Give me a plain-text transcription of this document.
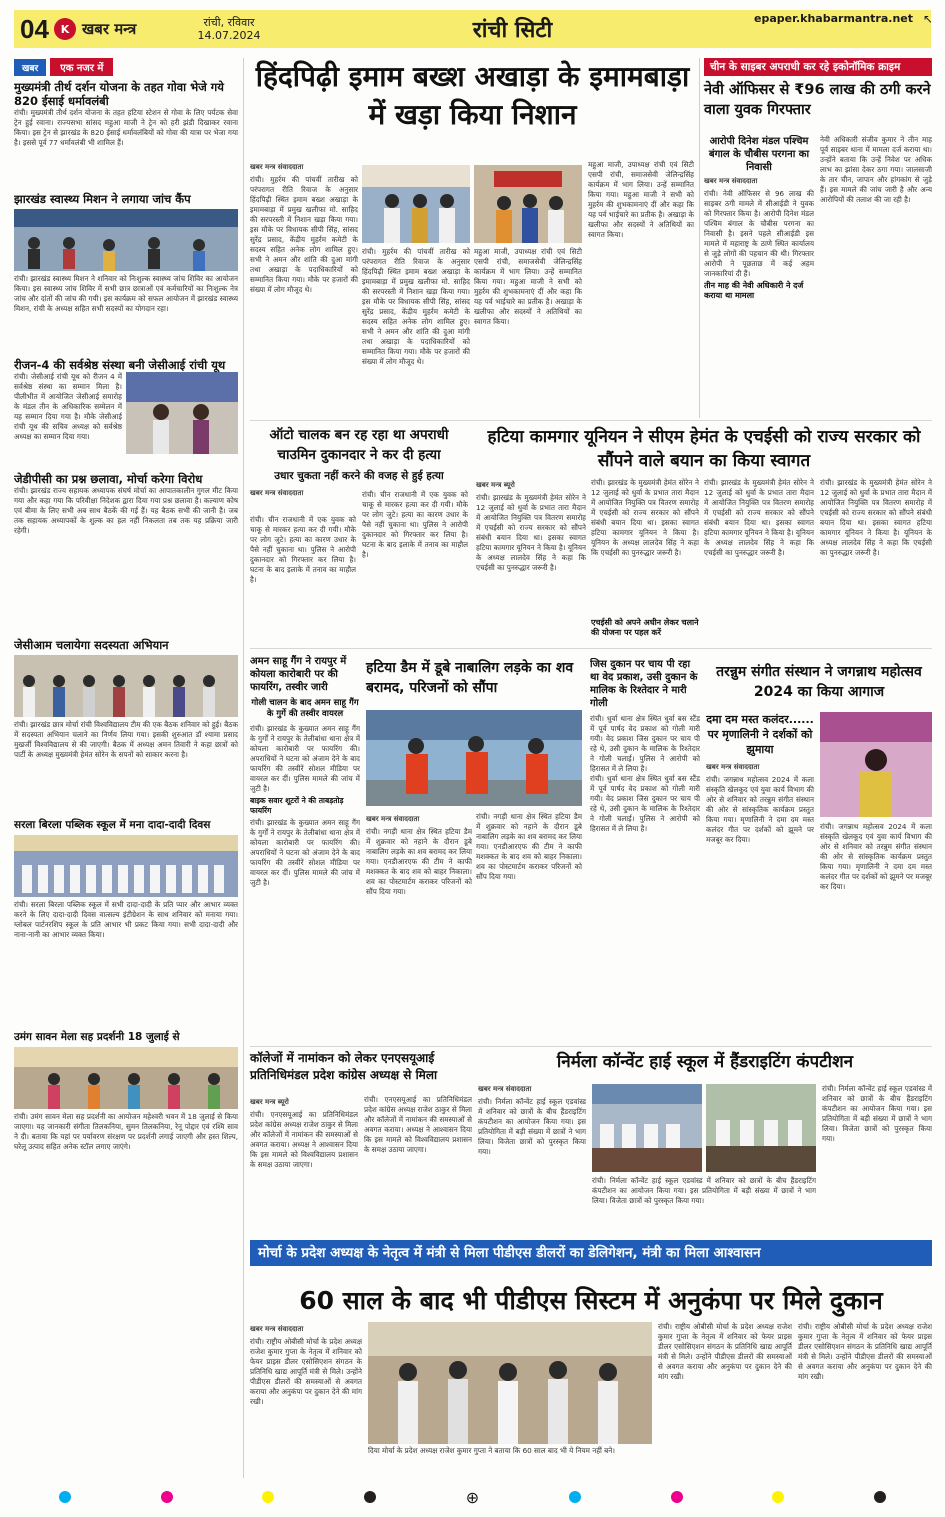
04	K खबर मन्त्र	रांची, रविवार
14.07.2024	रांची सिटी	epaper.khabarmantra.net ↖
खबर	एक नजर में
मुख्यमंत्री तीर्थ दर्शन योजना के तहत गोवा भेजे गये 820 ईसाई धर्मावलंबी
रांची। मुख्यमंत्री तीर्थ दर्शन योजना के तहत हटिया स्टेशन से गोवा के लिए पर्यटक सेवा ट्रेन हुई रवाना। राज्यसभा सांसद महुआ माजी ने ट्रेन को हरी झंडी दिखाकर रवाना किया। इस ट्रेन से झारखंड के 820 ईसाई धर्मावलंबियों को गोवा की यात्रा पर भेजा गया है। इससे पूर्व 77 धर्मावलंबी भी शामिल हैं।
झारखंड स्वास्थ्य मिशन ने लगाया जांच कैंप
रांची। झारखंड स्वास्थ्य मिशन ने शनिवार को निःशुल्क स्वास्थ्य जांच शिविर का आयोजन किया। इस स्वास्थ्य जांच शिविर में सभी छात्र छात्राओं एवं कर्मचारियों का निःशुल्क नेत्र जांच और दांतों की जांच की गयी। इस कार्यक्रम को सफल आयोजन में झारखंड स्वास्थ्य मिशन, रांची के अध्यक्ष सहित सभी सदस्यों का योगदान रहा।
रीजन-4 की सर्वश्रेष्ठ संस्था बनी जेसीआई रांची यूथ
रांची। जेसीआई रांची यूथ को रीजन 4 में सर्वश्रेष्ठ संस्था का सम्मान मिला है। पीलीभीत में आयोजित जेसीआई समारोह के मंडल तीन के अधिकारिक सम्मेलन में यह सम्मान दिया गया है। मौके जेसीआई रांची यूथ की सचिव अध्यक्ष को सर्वश्रेष्ठ अध्यक्ष का सम्मान दिया गया।

जेडीपीसी का प्रश्न छलावा, मोर्चा करेगा विरोध
रांची। झारखंड राज्य सहायक अध्यापक संघर्ष मोर्चा का आपातकालीन गुगल मीट किया गया और कहा गया कि परिवीक्षा निदेशक द्वारा दिया गया प्रश्न छलावा है। कल्याण कोष एवं बीमा के लिए सभी अब साथ बैठकें की गई हैं। यह बैठक सभी की जानी है। जब तक सहायक अध्यापकों के शुल्क का हल नहीं निकलता तब तक यह प्रक्रिया जारी रहेगी।
जेसीआम चलायेगा सदस्यता अभियान
रांची। झारखंड छात्र मोर्चा रांची विश्वविद्यालय टीम की एक बैठक शनिवार को हुई। बैठक में सदस्यता अभियान चलाने का निर्णय लिया गया। इसकी शुरुआत डॉ श्यामा प्रसाद मुखर्जी विश्वविद्यालय से की जाएगी। बैठक में अध्यक्ष अमन तिवारी ने कहा छात्रों को पार्टी के अध्यक्ष मुख्यमंत्री हेमंत सोरेन के सपनों को साकार करना है।
सरला बिरला पब्लिक स्कूल में मना दादा-दादी दिवस
रांची। सरला बिरला पब्लिक स्कूल में सभी दादा-दादी के प्रति प्यार और आभार व्यक्त करने के लिए दादा-दादी दिवस वात्सल्य इंटीग्रेशन के साथ शनिवार को मनाया गया। ग्लोबल पार्टनरशिप स्कूल के प्रति आभार भी प्रकट किया गया। सभी दादा-दादी और नाना-नानी का आभार व्यक्त किया।
उमंग सावन मेला सह प्रदर्शनी 18 जुलाई से
रांची। उमंग सावन मेला सह प्रदर्शनी का आयोजन महेश्वरी भवन में 18 जुलाई से किया जाएगा। यह जानकारी संगीता तिलकनिया, सुमन तिलकनिया, रेनू पोद्दार एवं रश्मि साव ने दी। बताया कि यहां पर पर्यावरण संरक्षण पर प्रदर्शनी लगाई जाएगी और हस्त शिल्प, घरेलू उत्पाद सहित अनेक स्टॉल लगाए जाएंगे।
हिंदपिढ़ी इमाम बख्श अखाड़ा के इमामबाड़ा में खड़ा किया निशान
खबर मन्त्र संवाददाता
रांची। मुहर्रम की पांचवीं तारीख को परंपरागत रीति रिवाज के अनुसार हिंदपिढ़ी स्थित इमाम बख्श अखाड़ा के इमामबाड़ा में प्रमुख खलीफा मो. साहिद की सरपरस्ती में निशान खड़ा किया गया। इस मौके पर विधायक सीपी सिंह, सांसद सुरेंद्र प्रसाद, केंद्रीय मुहर्रम कमेटी के सदस्य सहित अनेक लोग शामिल हुए। सभी ने अमन और शांति की दुआ मांगी तथा अखाड़ा के पदाधिकारियों को सम्मानित किया गया। मौके पर हजारों की संख्या में लोग मौजूद थे।
रांची। मुहर्रम की पांचवीं तारीख को परंपरागत रीति रिवाज के अनुसार हिंदपिढ़ी स्थित इमाम बख्श अखाड़ा के इमामबाड़ा में प्रमुख खलीफा मो. साहिद की सरपरस्ती में निशान खड़ा किया गया। इस मौके पर विधायक सीपी सिंह, सांसद सुरेंद्र प्रसाद, केंद्रीय मुहर्रम कमेटी के सदस्य सहित अनेक लोग शामिल हुए। सभी ने अमन और शांति की दुआ मांगी तथा अखाड़ा के पदाधिकारियों को सम्मानित किया गया। मौके पर हजारों की संख्या में लोग मौजूद थे।
महुआ माजी, उपाध्यक्ष रांची एवं सिटी एसपी रांची, समाजसेवी जेलिन्द्रसिंह कार्यक्रम में भाग लिया। उन्हें सम्मानित किया गया। महुआ माजी ने सभी को मुहर्रम की शुभकामनाएं दीं और कहा कि यह पर्व भाईचारे का प्रतीक है। अखाड़ा के खलीफा और सदस्यों ने अतिथियों का स्वागत किया।
महुआ माजी, उपाध्यक्ष रांची एवं सिटी एसपी रांची, समाजसेवी जेलिन्द्रसिंह कार्यक्रम में भाग लिया। उन्हें सम्मानित किया गया। महुआ माजी ने सभी को मुहर्रम की शुभकामनाएं दीं और कहा कि यह पर्व भाईचारे का प्रतीक है। अखाड़ा के खलीफा और सदस्यों ने अतिथियों का स्वागत किया।
चीन के साइबर अपराधी कर रहे इकोनॉमिक क्राइम
नेवी ऑफिसर से ₹96 लाख की ठगी करने वाला युवक गिरफ्तार
आरोपी दिनेश मंडल पश्चिम बंगाल के चौबीस परगना का निवासी
खबर मन्त्र संवाददाता
रांची। नेवी ऑफिसर से 96 लाख की साइबर ठगी मामले में सीआईडी ने युवक को गिरफ्तार किया है। आरोपी दिनेश मंडल पश्चिम बंगाल के चौबीस परगना का निवासी है। इसने पहले सीआईडी इस मामले में महाराष्ट्र के ठाणे स्थित कार्यालय से जुड़े लोगों की पहचान की थी। गिरफ्तार आरोपी ने पूछताछ में कई अहम जानकारियां दी हैं।
तीन माह की नेवी अधिकारी ने दर्ज कराया था मामला
नेवी अधिकारी संजीव कुमार ने तीन माह पूर्व साइबर थाना में मामला दर्ज कराया था। उन्होंने बताया कि उन्हें निवेश पर अधिक लाभ का झांसा देकर ठगा गया। जालसाजी के तार चीन, जापान और हांगकांग से जुड़े हैं। इस मामले की जांच जारी है और अन्य आरोपियों की तलाश की जा रही है।
ऑटो चालक बन रह रहा था अपराधी चाउमिन दुकानदार ने कर दी हत्या
उधार चुकता नहीं करने की वजह से हुई हत्या
खबर मन्त्र संवाददाता
रांची। चीन राजधानी में एक युवक को चाकू से मारकर हत्या कर दी गयी। मौके पर लोग जुटे। हत्या का कारण उधार के पैसे नहीं चुकाना था। पुलिस ने आरोपी दुकानदार को गिरफ्तार कर लिया है। घटना के बाद इलाके में तनाव का माहौल है।
रांची। चीन राजधानी में एक युवक को चाकू से मारकर हत्या कर दी गयी। मौके पर लोग जुटे। हत्या का कारण उधार के पैसे नहीं चुकाना था। पुलिस ने आरोपी दुकानदार को गिरफ्तार कर लिया है। घटना के बाद इलाके में तनाव का माहौल है।
हटिया कामगार यूनियन ने सीएम हेमंत के एचईसी को राज्य सरकार को सौंपने वाले बयान का किया स्वागत
खबर मन्त्र ब्यूरो
रांची। झारखंड के मुख्यमंत्री हेमंत सोरेन ने 12 जुलाई को धुर्वा के प्रभात तारा मैदान में आयोजित नियुक्ति पत्र वितरण समारोह में एचईसी को राज्य सरकार को सौंपने संबंधी बयान दिया था। इसका स्वागत हटिया कामगार यूनियन ने किया है। यूनियन के अध्यक्ष लालदेव सिंह ने कहा कि एचईसी का पुनरुद्धार जरूरी है।
रांची। झारखंड के मुख्यमंत्री हेमंत सोरेन ने 12 जुलाई को धुर्वा के प्रभात तारा मैदान में आयोजित नियुक्ति पत्र वितरण समारोह में एचईसी को राज्य सरकार को सौंपने संबंधी बयान दिया था। इसका स्वागत हटिया कामगार यूनियन ने किया है। यूनियन के अध्यक्ष लालदेव सिंह ने कहा कि एचईसी का पुनरुद्धार जरूरी है।
एचईसी को अपने अधीन लेकर चलाने की योजना पर पहल करें
रांची। झारखंड के मुख्यमंत्री हेमंत सोरेन ने 12 जुलाई को धुर्वा के प्रभात तारा मैदान में आयोजित नियुक्ति पत्र वितरण समारोह में एचईसी को राज्य सरकार को सौंपने संबंधी बयान दिया था। इसका स्वागत हटिया कामगार यूनियन ने किया है। यूनियन के अध्यक्ष लालदेव सिंह ने कहा कि एचईसी का पुनरुद्धार जरूरी है।
रांची। झारखंड के मुख्यमंत्री हेमंत सोरेन ने 12 जुलाई को धुर्वा के प्रभात तारा मैदान में आयोजित नियुक्ति पत्र वितरण समारोह में एचईसी को राज्य सरकार को सौंपने संबंधी बयान दिया था। इसका स्वागत हटिया कामगार यूनियन ने किया है। यूनियन के अध्यक्ष लालदेव सिंह ने कहा कि एचईसी का पुनरुद्धार जरूरी है।
अमन साहू गैंग ने रायपुर में कोयला कारोबारी पर की फायरिंग, तस्वीर जारी
गोली चालन के बाद अमन साहू गैंग के गुर्गे की तस्वीर वायरल
रांची। झारखंड के कुख्यात अमन साहू गैंग के गुर्गों ने रायपुर के तेलीबांधा थाना क्षेत्र में कोयला कारोबारी पर फायरिंग की। अपराधियों ने घटना को अंजाम देने के बाद फायरिंग की तस्वीरें सोशल मीडिया पर वायरल कर दीं। पुलिस मामले की जांच में जुटी है।
बाइक सवार शूटरों ने की ताबड़तोड़ फायरिंग
रांची। झारखंड के कुख्यात अमन साहू गैंग के गुर्गों ने रायपुर के तेलीबांधा थाना क्षेत्र में कोयला कारोबारी पर फायरिंग की। अपराधियों ने घटना को अंजाम देने के बाद फायरिंग की तस्वीरें सोशल मीडिया पर वायरल कर दीं। पुलिस मामले की जांच में जुटी है।
हटिया डैम में डूबे नाबालिग लड़के का शव बरामद, परिजनों को सौंपा
खबर मन्त्र संवाददाता
रांची। नगड़ी थाना क्षेत्र स्थित हटिया डैम में शुक्रवार को नहाने के दौरान डूबे नाबालिग लड़के का शव बरामद कर लिया गया। एनडीआरएफ की टीम ने काफी मशक्कत के बाद शव को बाहर निकाला। शव का पोस्टमार्टम कराकर परिजनों को सौंप दिया गया।
रांची। नगड़ी थाना क्षेत्र स्थित हटिया डैम में शुक्रवार को नहाने के दौरान डूबे नाबालिग लड़के का शव बरामद कर लिया गया। एनडीआरएफ की टीम ने काफी मशक्कत के बाद शव को बाहर निकाला। शव का पोस्टमार्टम कराकर परिजनों को सौंप दिया गया।
जिस दुकान पर चाय पी रहा था वेद प्रकाश, उसी दुकान के मालिक के रिश्तेदार ने मारी गोली
रांची। धुर्वा थाना क्षेत्र स्थित धुर्वा बस स्टैंड में पूर्व पार्षद वेद प्रकाश को गोली मारी गयी। वेद प्रकाश जिस दुकान पर चाय पी रहे थे, उसी दुकान के मालिक के रिश्तेदार ने गोली चलाई। पुलिस ने आरोपी को हिरासत में ले लिया है।
रांची। धुर्वा थाना क्षेत्र स्थित धुर्वा बस स्टैंड में पूर्व पार्षद वेद प्रकाश को गोली मारी गयी। वेद प्रकाश जिस दुकान पर चाय पी रहे थे, उसी दुकान के मालिक के रिश्तेदार ने गोली चलाई। पुलिस ने आरोपी को हिरासत में ले लिया है।
तरन्नुम संगीत संस्थान ने जगन्नाथ महोत्सव 2024 का किया आगाज
दमा दम मस्त कलंदर...... पर मृणालिनी ने दर्शकों को झुमाया
खबर मन्त्र संवाददाता
रांची। जगन्नाथ महोत्सव 2024 में कला संस्कृति खेलकूद एवं युवा कार्य विभाग की ओर से शनिवार को तरन्नुम संगीत संस्थान की ओर से सांस्कृतिक कार्यक्रम प्रस्तुत किया गया। मृणालिनी ने दमा दम मस्त कलंदर गीत पर दर्शकों को झूमने पर मजबूर कर दिया।
रांची। जगन्नाथ महोत्सव 2024 में कला संस्कृति खेलकूद एवं युवा कार्य विभाग की ओर से शनिवार को तरन्नुम संगीत संस्थान की ओर से सांस्कृतिक कार्यक्रम प्रस्तुत किया गया। मृणालिनी ने दमा दम मस्त कलंदर गीत पर दर्शकों को झूमने पर मजबूर कर दिया।
कॉलेजों में नामांकन को लेकर एनएसयूआई प्रतिनिधिमंडल प्रदेश कांग्रेस अध्यक्ष से मिला
खबर मन्त्र ब्यूरो
रांची। एनएसयूआई का प्रतिनिधिमंडल प्रदेश कांग्रेस अध्यक्ष राजेश ठाकुर से मिला और कॉलेजों में नामांकन की समस्याओं से अवगत कराया। अध्यक्ष ने आश्वासन दिया कि इस मामले को विश्वविद्यालय प्रशासन के समक्ष उठाया जाएगा।
रांची। एनएसयूआई का प्रतिनिधिमंडल प्रदेश कांग्रेस अध्यक्ष राजेश ठाकुर से मिला और कॉलेजों में नामांकन की समस्याओं से अवगत कराया। अध्यक्ष ने आश्वासन दिया कि इस मामले को विश्वविद्यालय प्रशासन के समक्ष उठाया जाएगा।
निर्मला कॉन्वेंट हाई स्कूल में हैंडराइटिंग कंपटीशन
खबर मन्त्र संवाददाता
रांची। निर्मला कॉन्वेंट हाई स्कूल एडवांस्ड में शनिवार को छात्रों के बीच हैंडराइटिंग कंपटीशन का आयोजन किया गया। इस प्रतियोगिता में बड़ी संख्या में छात्रों ने भाग लिया। विजेता छात्रों को पुरस्कृत किया गया।
रांची। निर्मला कॉन्वेंट हाई स्कूल एडवांस्ड में शनिवार को छात्रों के बीच हैंडराइटिंग कंपटीशन का आयोजन किया गया। इस प्रतियोगिता में बड़ी संख्या में छात्रों ने भाग लिया। विजेता छात्रों को पुरस्कृत किया गया।
रांची। निर्मला कॉन्वेंट हाई स्कूल एडवांस्ड में शनिवार को छात्रों के बीच हैंडराइटिंग कंपटीशन का आयोजन किया गया। इस प्रतियोगिता में बड़ी संख्या में छात्रों ने भाग लिया। विजेता छात्रों को पुरस्कृत किया गया।
मोर्चा के प्रदेश अध्यक्ष के नेतृत्व में मंत्री से मिला पीडीएस डीलरों का डेलिगेशन, मंत्री का मिला आश्वासन
60 साल के बाद भी पीडीएस सिस्टम में अनुकंपा पर मिले दुकान
खबर मन्त्र संवाददाता
रांची। राष्ट्रीय ओबीसी मोर्चा के प्रदेश अध्यक्ष राजेश कुमार गुप्ता के नेतृत्व में शनिवार को फेयर प्राइस डीलर एसोसिएशन संगठन के प्रतिनिधि खाद्य आपूर्ति मंत्री से मिले। उन्होंने पीडीएस डीलरों की समस्याओं से अवगत कराया और अनुकंपा पर दुकान देने की मांग रखी।
दिया मोर्चा के प्रदेश अध्यक्ष राजेश कुमार गुप्ता ने बताया कि 60 साल बाद भी ये नियम नहीं बने।
रांची। राष्ट्रीय ओबीसी मोर्चा के प्रदेश अध्यक्ष राजेश कुमार गुप्ता के नेतृत्व में शनिवार को फेयर प्राइस डीलर एसोसिएशन संगठन के प्रतिनिधि खाद्य आपूर्ति मंत्री से मिले। उन्होंने पीडीएस डीलरों की समस्याओं से अवगत कराया और अनुकंपा पर दुकान देने की मांग रखी।
रांची। राष्ट्रीय ओबीसी मोर्चा के प्रदेश अध्यक्ष राजेश कुमार गुप्ता के नेतृत्व में शनिवार को फेयर प्राइस डीलर एसोसिएशन संगठन के प्रतिनिधि खाद्य आपूर्ति मंत्री से मिले। उन्होंने पीडीएस डीलरों की समस्याओं से अवगत कराया और अनुकंपा पर दुकान देने की मांग रखी।
⊕
